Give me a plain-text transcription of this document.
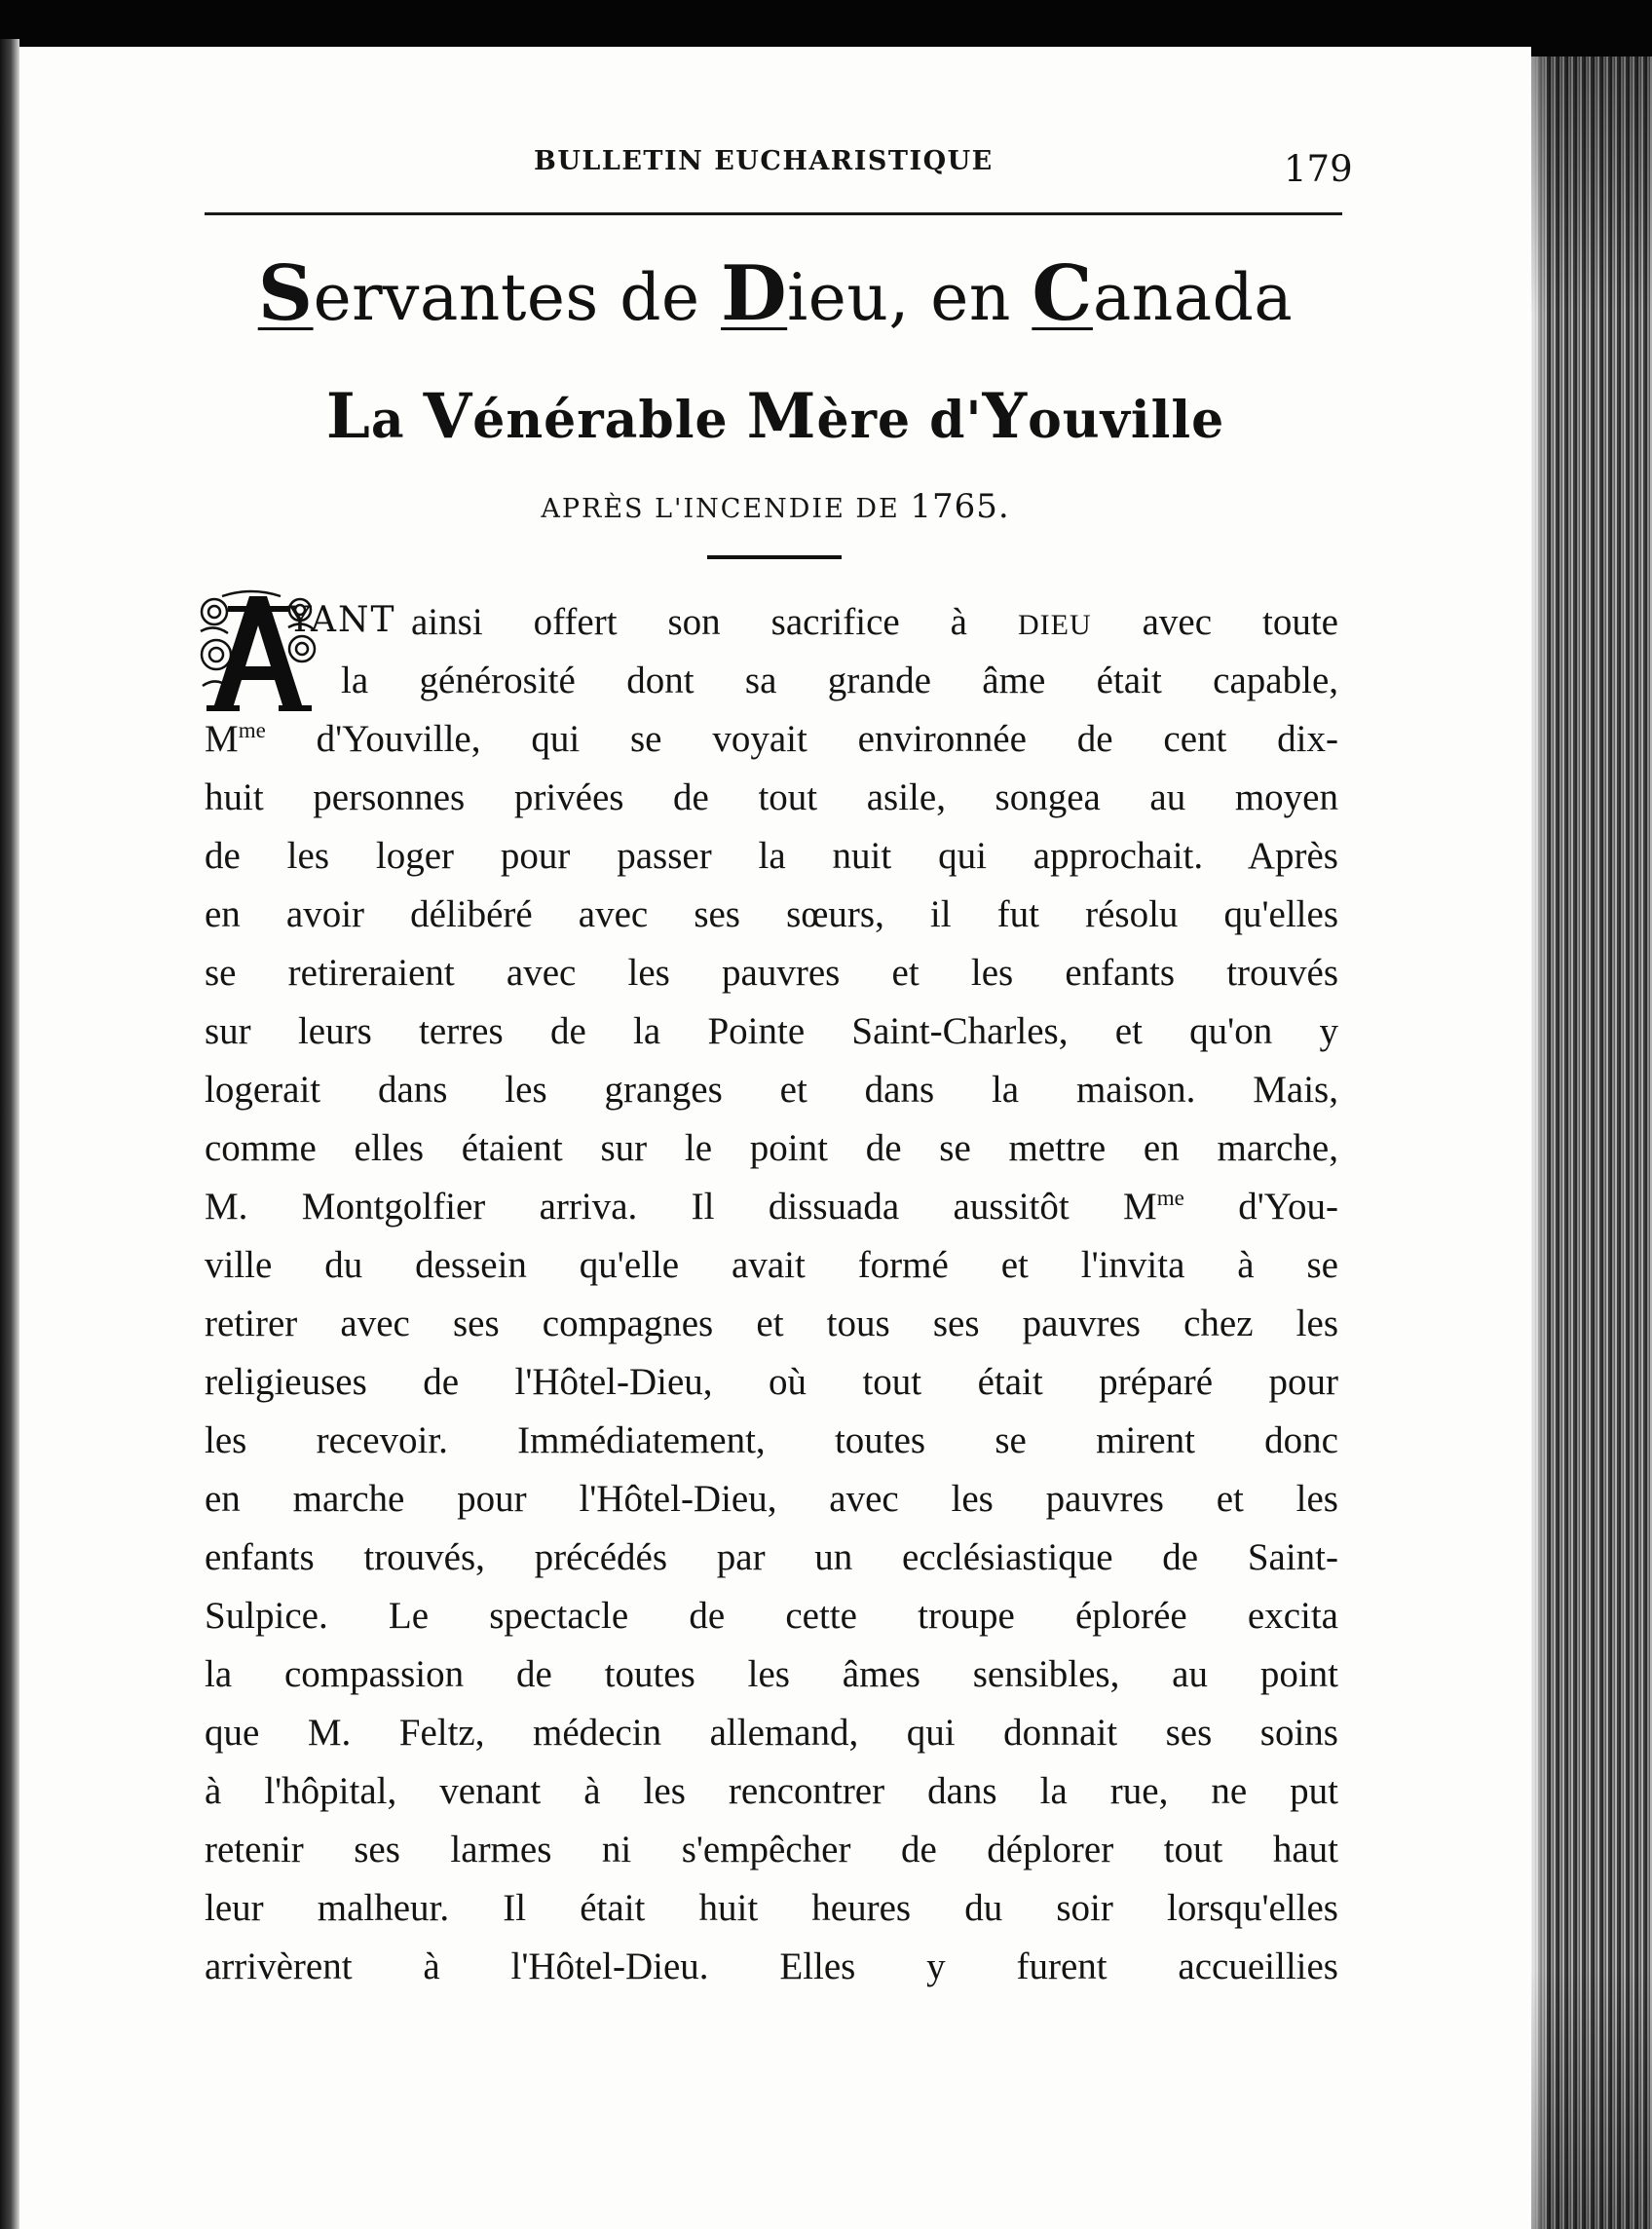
BULLETIN EUCHARISTIQUE	179
Servantes de Dieu, en Canada
La Vénérable Mère d'Youville
APRÈS L'INCENDIE DE 1765.
YANT ainsi offert son sacrifice à DIEU avec toute
la générosité dont sa grande âme était capable,
$M^{me}$ d'Youville, qui se voyait environnée de cent dix-
huit personnes privées de tout asile, songea au moyen
de les loger pour passer la nuit qui approchait. Après
en avoir délibéré avec ses sœurs, il fut résolu qu'elles
se retireraient avec les pauvres et les enfants trouvés
sur leurs terres de la Pointe Saint-Charles, et qu'on y
logerait dans les granges et dans la maison. Mais,
comme elles étaient sur le point de se mettre en marche,
M. Montgolfier arriva. Il dissuada aussitôt $M^{me}$ d'You-
ville du dessein qu'elle avait formé et l'invita à se
retirer avec ses compagnes et tous ses pauvres chez les
religieuses de l'Hôtel-Dieu, où tout était préparé pour
les recevoir. Immédiatement, toutes se mirent donc
en marche pour l'Hôtel-Dieu, avec les pauvres et les
enfants trouvés, précédés par un ecclésiastique de Saint-
Sulpice. Le spectacle de cette troupe éplorée excita
la compassion de toutes les âmes sensibles, au point
que M. Feltz, médecin allemand, qui donnait ses soins
à l'hôpital, venant à les rencontrer dans la rue, ne put
retenir ses larmes ni s'empêcher de déplorer tout haut
leur malheur. Il était huit heures du soir lorsqu'elles
arrivèrent à l'Hôtel-Dieu. Elles y furent accueillies
